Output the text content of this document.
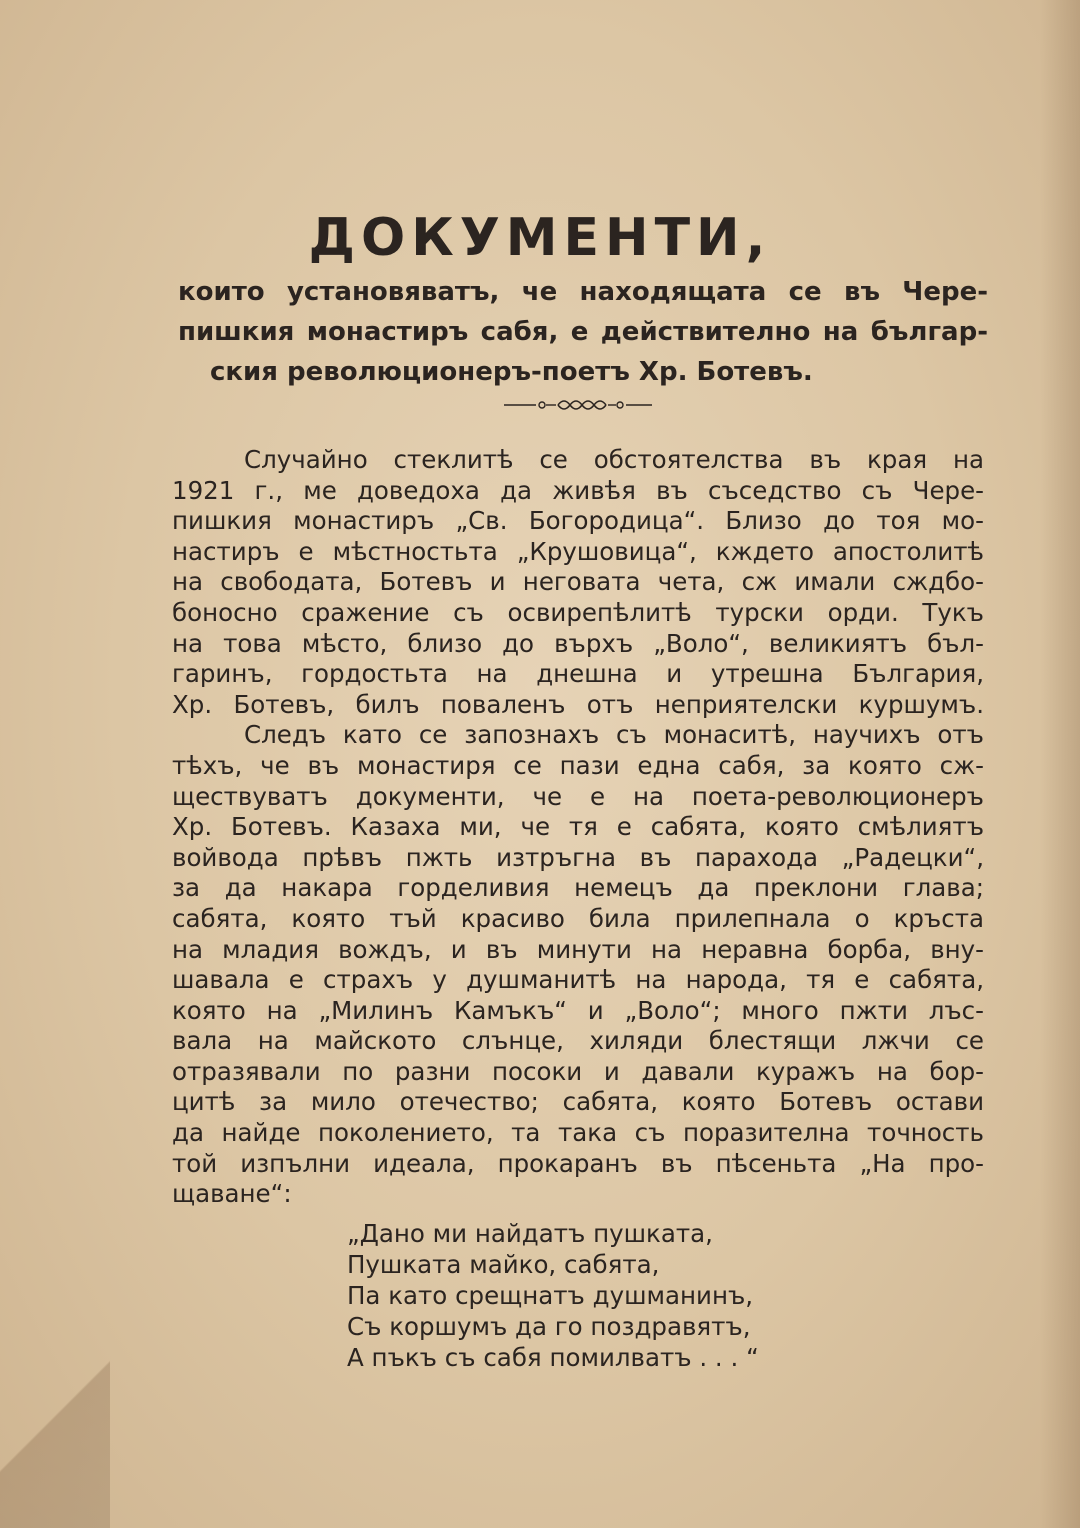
ДОКУМЕНТИ,
които установяватъ, че находящата се въ Чере-
пишкия монастиръ сабя, е действително на българ-
ския революционеръ-поетъ Хр. Ботевъ.
Случайно стеклитѣ се обстоятелства въ края на
1921 г., ме доведоха да живѣя въ съседство съ Чере-
пишкия монастиръ „Св. Богородица“. Близо до тоя мо-
настиръ е мѣстностьта „Крушовица“, кждето апостолитѣ
на свободата, Ботевъ и неговата чета, сж имали сждбо-
боносно сражение съ освирепѣлитѣ турски орди. Тукъ
на това мѣсто, близо до върхъ „Воло“, великиятъ бъл-
гаринъ, гордостьта на днешна и утрешна България,
Хр. Ботевъ, билъ поваленъ отъ неприятелски куршумъ.
Следъ като се запознахъ съ монаситѣ, научихъ отъ
тѣхъ, че въ монастиря се пази една сабя, за която сж-
ществуватъ документи, че е на поета-революционеръ
Хр. Ботевъ. Казаха ми, че тя е сабята, която смѣлиятъ
войвода прѣвъ пжть изтръгна въ парахода „Радецки“,
за да накара горделивия немецъ да преклони глава;
сабята, която тъй красиво била прилепнала о кръста
на младия вождъ, и въ минути на неравна борба, вну-
шавала е страхъ у душманитѣ на народа, тя е сабята,
която на „Милинъ Камъкъ“ и „Воло“; много пжти лъс-
вала на майското слънце, хиляди блестящи лжчи се
отразявали по разни посоки и давали куражъ на бор-
цитѣ за мило отечество; сабята, която Ботевъ остави
да найде поколението, та така съ поразителна точность
той изпълни идеала, прокаранъ въ пѣсеньта „На про-
щаване“:
„Дано ми найдатъ пушката,
Пушката майко, сабята,
Па като срещнатъ душманинъ,
Съ коршумъ да го поздравятъ,
А пъкъ съ сабя помилватъ . . . “
